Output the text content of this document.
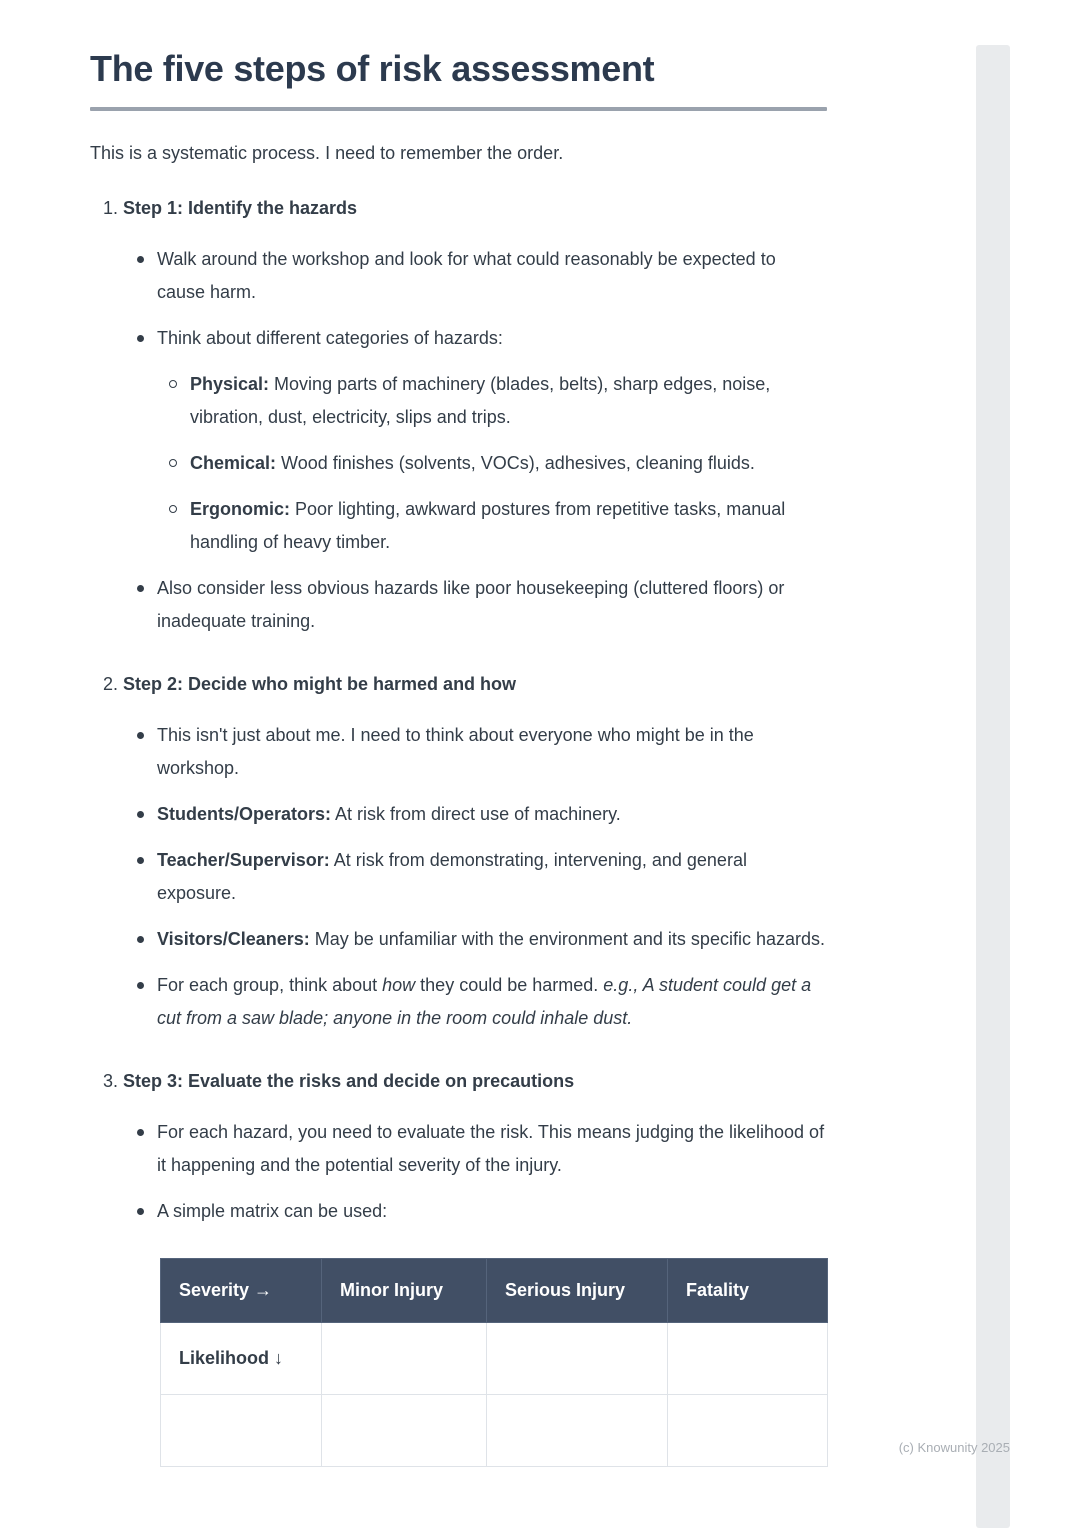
The five steps of risk assessment

This is a systematic process. I need to remember the order.

1. Step 1: Identify the hazards
Walk around the workshop and look for what could reasonably be expected to cause harm.
Think about different categories of hazards:
Physical: Moving parts of machinery (blades, belts), sharp edges, noise, vibration, dust, electricity, slips and trips.
Chemical: Wood finishes (solvents, VOCs), adhesives, cleaning fluids.
Ergonomic: Poor lighting, awkward postures from repetitive tasks, manual handling of heavy timber.
Also consider less obvious hazards like poor housekeeping (cluttered floors) or inadequate training.
2. Step 2: Decide who might be harmed and how
This isn't just about me. I need to think about everyone who might be in the workshop.
Students/Operators: At risk from direct use of machinery.
Teacher/Supervisor: At risk from demonstrating, intervening, and general exposure.
Visitors/Cleaners: May be unfamiliar with the environment and its specific hazards.
For each group, think about how they could be harmed. e.g., A student could get a cut from a saw blade; anyone in the room could inhale dust.
3. Step 3: Evaluate the risks and decide on precautions
For each hazard, you need to evaluate the risk. This means judging the likelihood of it happening and the potential severity of the injury.
A simple matrix can be used:
Severity →	Minor Injury	Serious Injury	Fatality
Likelihood ↓			

(c) Knowunity 2025
